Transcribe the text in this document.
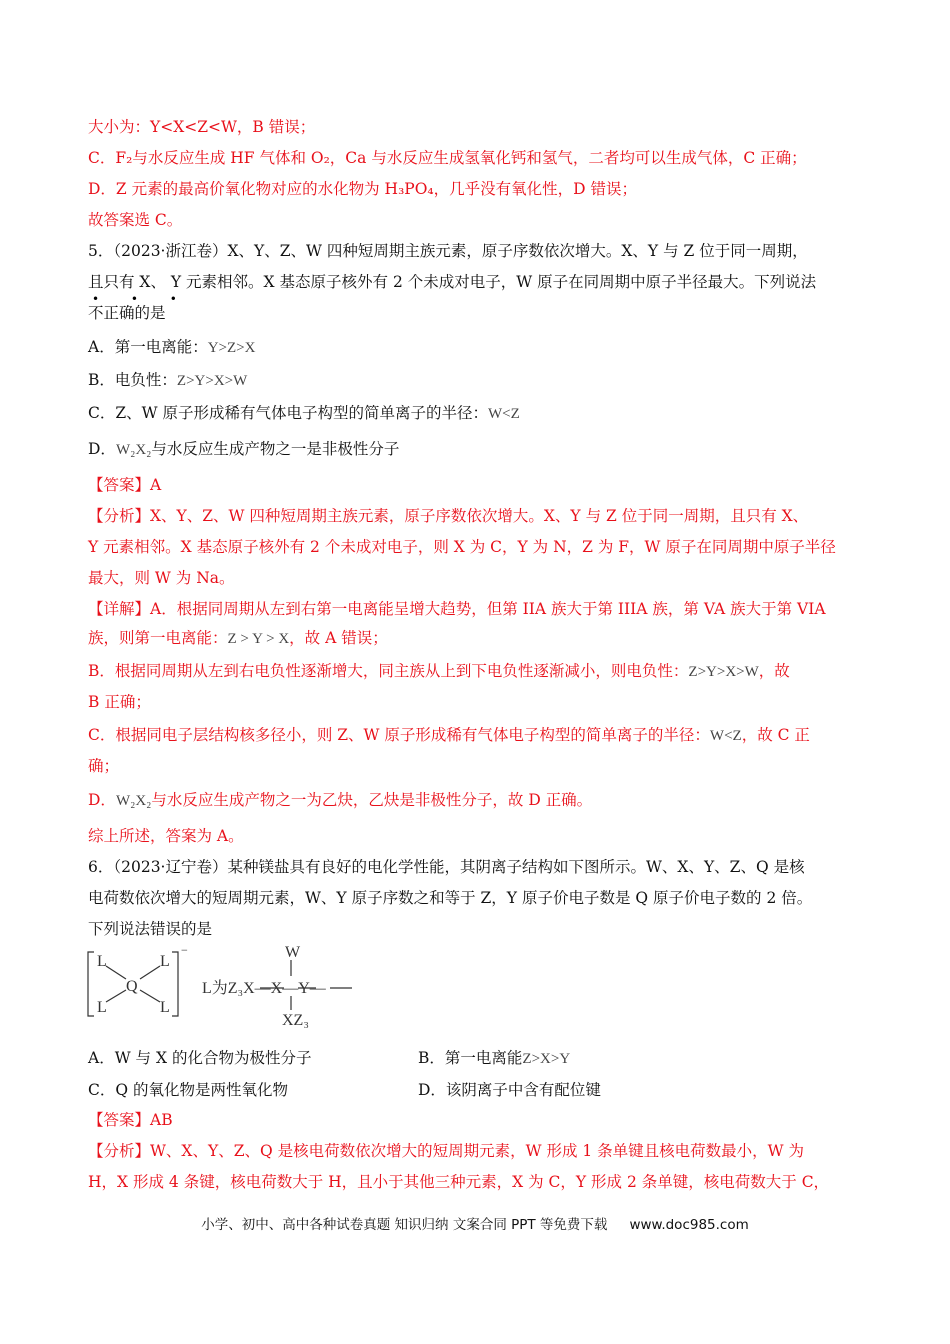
大小为：Y<X<Z<W，B 错误；
C．F₂与水反应生成 HF 气体和 O₂，Ca 与水反应生成氢氧化钙和氢气，二者均可以生成气体，C 正确；
D．Z 元素的最高价氧化物对应的水化物为 H₃PO₄，几乎没有氧化性，D 错误；
故答案选 C。
5．（2023·浙江卷）X、Y、Z、W 四种短周期主族元素，原子序数依次增大。X、Y 与 Z 位于同一周期，
且只有 X、 Y 元素相邻。X 基态原子核外有 2 个未成对电子，W 原子在同周期中原子半径最大。下列说法
• • •
不正确的是
A．第一电离能：Y>Z>X
B．电负性：Z>Y>X>W
C．Z、W 原子形成稀有气体电子构型的简单离子的半径：W<Z
D．W₂X₂与水反应生成产物之一是非极性分子
【答案】A
【分析】X、Y、Z、W 四种短周期主族元素，原子序数依次增大。X、Y 与 Z 位于同一周期，且只有 X、
Y 元素相邻。X 基态原子核外有 2 个未成对电子，则 X 为 C，Y 为 N，Z 为 F，W 原子在同周期中原子半径
最大，则 W 为 Na。
【详解】A．根据同周期从左到右第一电离能呈增大趋势，但第 IIA 族大于第 IIIA 族，第 VA 族大于第 VIA
族，则第一电离能：Z > Y > X，故 A 错误；
B．根据同周期从左到右电负性逐渐增大，同主族从上到下电负性逐渐减小，则电负性：Z>Y>X>W，故
B 正确；
C．根据同电子层结构核多径小，则 Z、W 原子形成稀有气体电子构型的简单离子的半径：W<Z，故 C 正
确；
D．W₂X₂与水反应生成产物之一为乙炔，乙炔是非极性分子，故 D 正确。
综上所述，答案为 A。
6．（2023·辽宁卷）某种镁盐具有良好的电化学性能，其阴离子结构如下图所示。W、X、Y、Z、Q 是核
电荷数依次增大的短周期元素，W、Y 原子序数之和等于 Z，Y 原子价电子数是 Q 原子价电子数的 2 倍。
下列说法错误的是
L	L
L	L
Q
−
L为Z₃X—X—Y—
W
XZ₃
A．W 与 X 的化合物为极性分子	B．第一电离能Z>X>Y
C．Q 的氧化物是两性氧化物	D．该阴离子中含有配位键
【答案】AB
【分析】W、X、Y、Z、Q 是核电荷数依次增大的短周期元素，W 形成 1 条单键且核电荷数最小，W 为
H，X 形成 4 条键，核电荷数大于 H，且小于其他三种元素，X 为 C，Y 形成 2 条单键，核电荷数大于 C，
小学、初中、高中各种试卷真题 知识归纳 文案合同 PPT 等免费下载 www.doc985.com
